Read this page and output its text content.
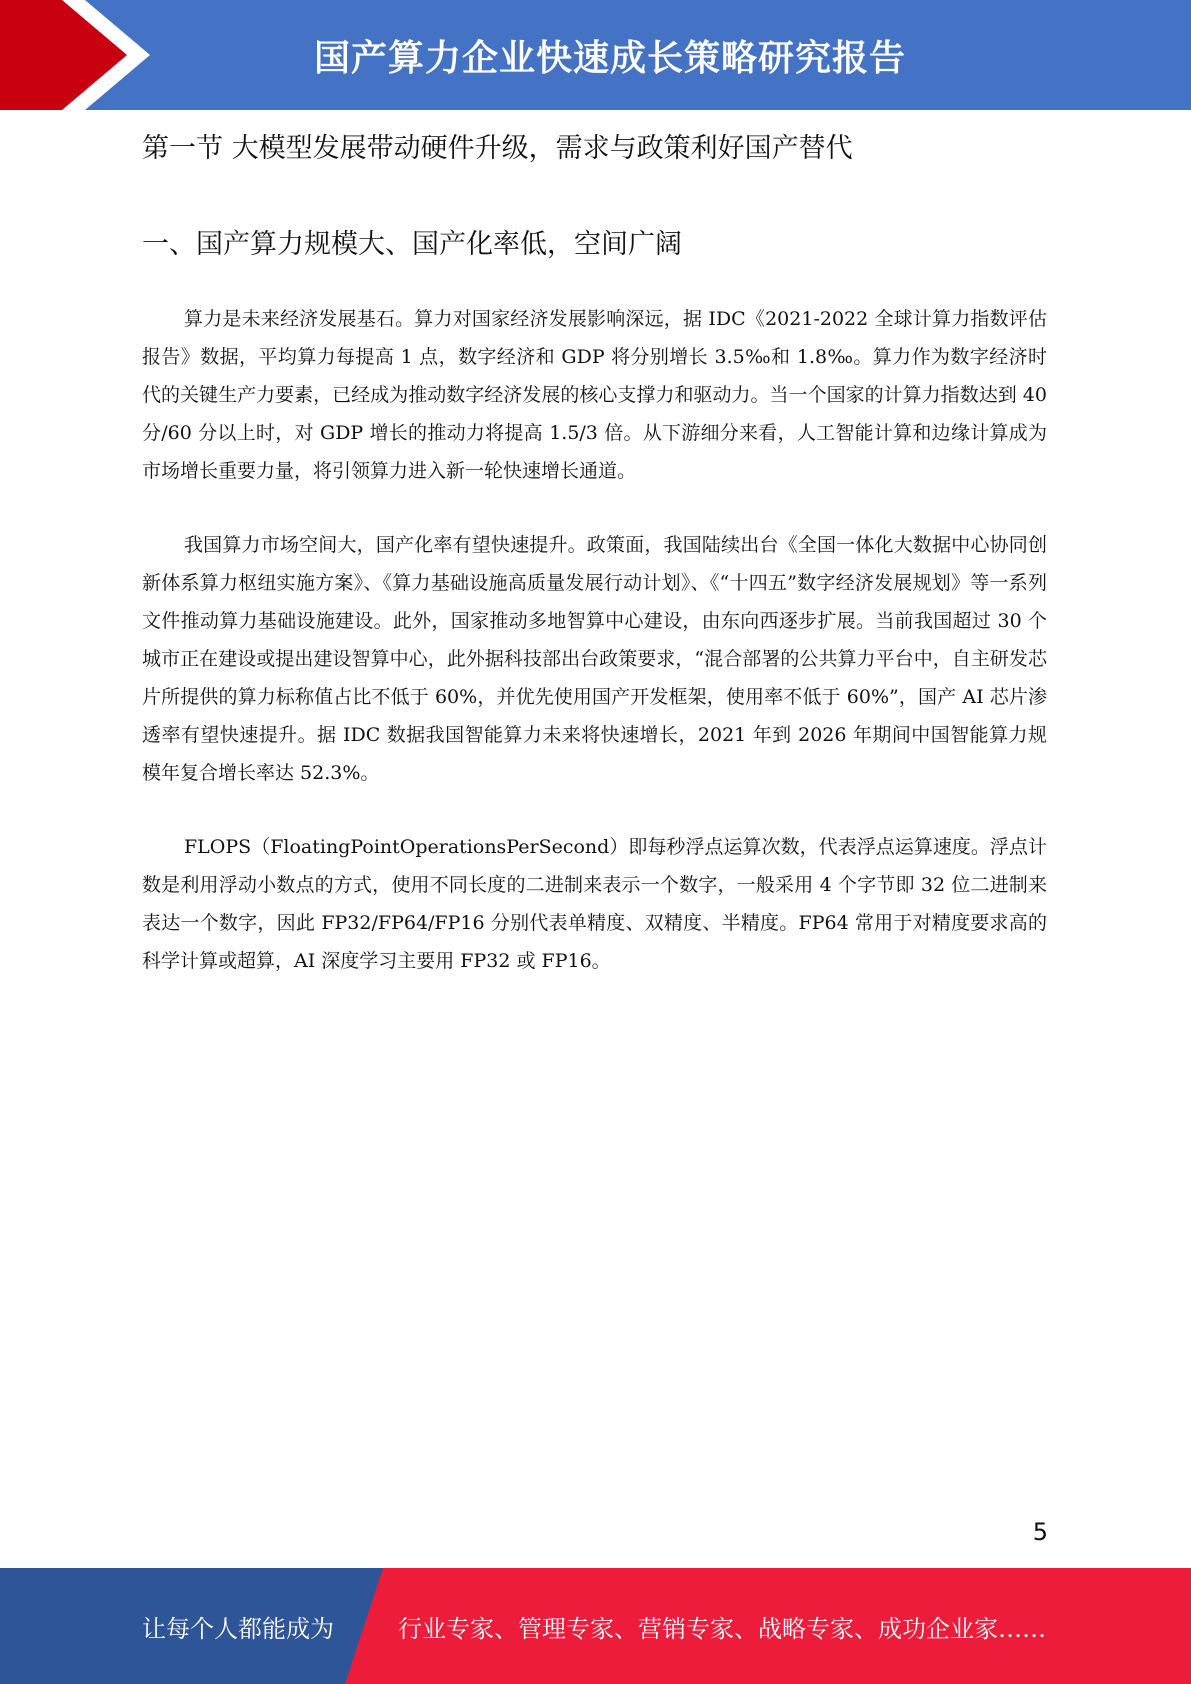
国产算力企业快速成长策略研究报告
第一节 大模型发展带动硬件升级，需求与政策利好国产替代
一、国产算力规模大、国产化率低，空间广阔

算力是未来经济发展基石。算力对国家经济发展影响深远，据 IDC《2021-2022 全球计算力指数评估报告》数据，平均算力每提高 1 点，数字经济和 GDP 将分别增长 3.5‰和 1.8‰。算力作为数字经济时代的关键生产力要素，已经成为推动数字经济发展的核心支撑力和驱动力。当一个国家的计算力指数达到 40 分/60 分以上时，对 GDP 增长的推动力将提高 1.5/3 倍。从下游细分来看，人工智能计算和边缘计算成为市场增长重要力量，将引领算力进入新一轮快速增长通道。

我国算力市场空间大，国产化率有望快速提升。政策面，我国陆续出台《全国一体化大数据中心协同创新体系算力枢纽实施方案》、《算力基础设施高质量发展行动计划》、《“十四五”数字经济发展规划》等一系列文件推动算力基础设施建设。此外，国家推动多地智算中心建设，由东向西逐步扩展。当前我国超过 30 个城市正在建设或提出建设智算中心，此外据科技部出台政策要求，“混合部署的公共算力平台中，自主研发芯片所提供的算力标称值占比不低于 60%，并优先使用国产开发框架，使用率不低于 60%”，国产 AI 芯片渗透率有望快速提升。据 IDC 数据我国智能算力未来将快速增长，2021 年到 2026 年期间中国智能算力规模年复合增长率达 52.3%。

FLOPS（FloatingPointOperationsPerSecond）即每秒浮点运算次数，代表浮点运算速度。浮点计数是利用浮动小数点的方式，使用不同长度的二进制来表示一个数字，一般采用 4 个字节即 32 位二进制来表达一个数字，因此 FP32/FP64/FP16 分别代表单精度、双精度、半精度。FP64 常用于对精度要求高的科学计算或超算，AI 深度学习主要用 FP32 或 FP16。

5
让每个人都能成为	行业专家、管理专家、营销专家、战略专家、成功企业家……
